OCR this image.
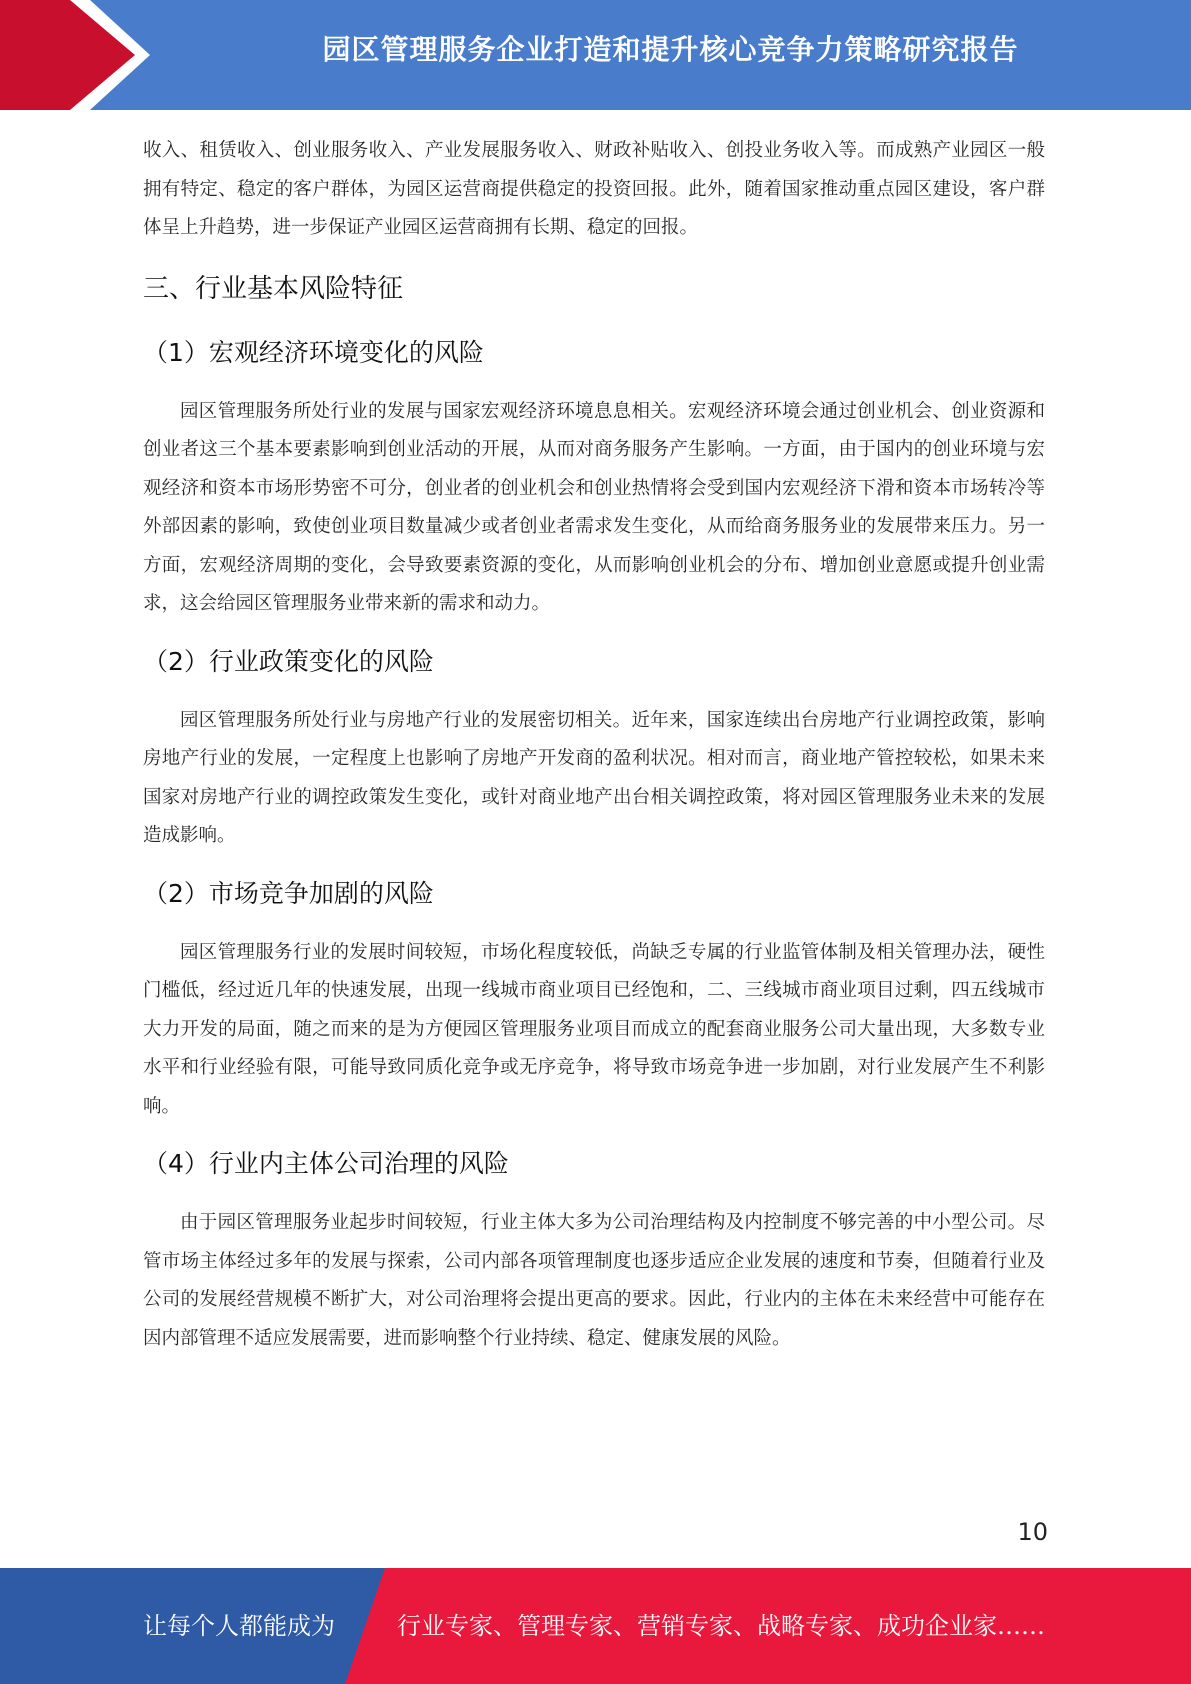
园区管理服务企业打造和提升核心竞争力策略研究报告

收入、租赁收入、创业服务收入、产业发展服务收入、财政补贴收入、创投业务收入等。而成熟产业园区一般拥有特定、稳定的客户群体，为园区运营商提供稳定的投资回报。此外，随着国家推动重点园区建设，客户群体呈上升趋势，进一步保证产业园区运营商拥有长期、稳定的回报。

三、行业基本风险特征
（1）宏观经济环境变化的风险

园区管理服务所处行业的发展与国家宏观经济环境息息相关。宏观经济环境会通过创业机会、创业资源和创业者这三个基本要素影响到创业活动的开展，从而对商务服务产生影响。一方面，由于国内的创业环境与宏观经济和资本市场形势密不可分，创业者的创业机会和创业热情将会受到国内宏观经济下滑和资本市场转冷等外部因素的影响，致使创业项目数量减少或者创业者需求发生变化，从而给商务服务业的发展带来压力。另一方面，宏观经济周期的变化，会导致要素资源的变化，从而影响创业机会的分布、增加创业意愿或提升创业需求，这会给园区管理服务业带来新的需求和动力。

（2）行业政策变化的风险

园区管理服务所处行业与房地产行业的发展密切相关。近年来，国家连续出台房地产行业调控政策，影响房地产行业的发展，一定程度上也影响了房地产开发商的盈利状况。相对而言，商业地产管控较松，如果未来国家对房地产行业的调控政策发生变化，或针对商业地产出台相关调控政策，将对园区管理服务业未来的发展造成影响。

（2）市场竞争加剧的风险

园区管理服务行业的发展时间较短，市场化程度较低，尚缺乏专属的行业监管体制及相关管理办法，硬性门槛低，经过近几年的快速发展，出现一线城市商业项目已经饱和，二、三线城市商业项目过剩，四五线城市大力开发的局面，随之而来的是为方便园区管理服务业项目而成立的配套商业服务公司大量出现，大多数专业水平和行业经验有限，可能导致同质化竞争或无序竞争，将导致市场竞争进一步加剧，对行业发展产生不利影响。

（4）行业内主体公司治理的风险

由于园区管理服务业起步时间较短，行业主体大多为公司治理结构及内控制度不够完善的中小型公司。尽管市场主体经过多年的发展与探索，公司内部各项管理制度也逐步适应企业发展的速度和节奏，但随着行业及公司的发展经营规模不断扩大，对公司治理将会提出更高的要求。因此，行业内的主体在未来经营中可能存在因内部管理不适应发展需要，进而影响整个行业持续、稳定、健康发展的风险。

10
让每个人都能成为	行业专家、管理专家、营销专家、战略专家、成功企业家……
